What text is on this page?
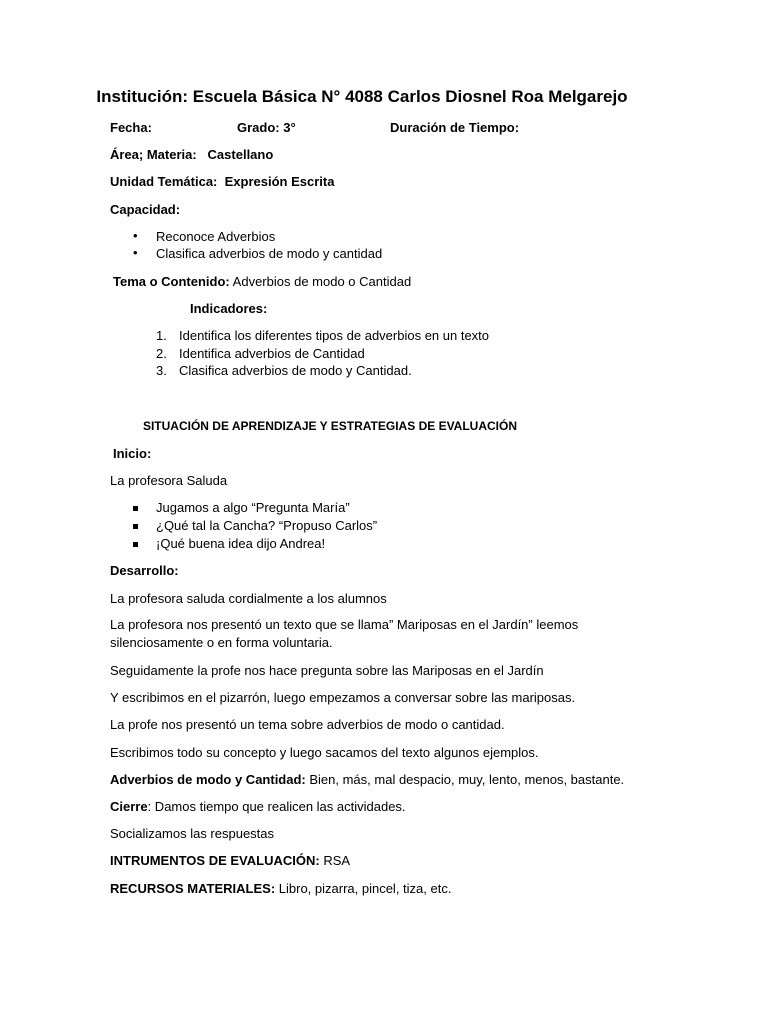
Institución: Escuela Básica N° 4088 Carlos Diosnel Roa Melgarejo
Fecha:	Grado: 3°	Duración de Tiempo:
Área; Materia: Castellano
Unidad Temática: Expresión Escrita
Capacidad:
• Reconoce Adverbios
• Clasifica adverbios de modo y cantidad
Tema o Contenido: Adverbios de modo o Cantidad
Indicadores:
1. Identifica los diferentes tipos de adverbios en un texto
2. Identifica adverbios de Cantidad
3. Clasifica adverbios de modo y Cantidad.
SITUACIÓN DE APRENDIZAJE Y ESTRATEGIAS DE EVALUACIÓN
Inicio:
La profesora Saluda
Jugamos a algo “Pregunta María”
¿Qué tal la Cancha? “Propuso Carlos”
¡Qué buena idea dijo Andrea!
Desarrollo:
La profesora saluda cordialmente a los alumnos
La profesora nos presentó un texto que se llama” Mariposas en el Jardín” leemos
silenciosamente o en forma voluntaria.
Seguidamente la profe nos hace pregunta sobre las Mariposas en el Jardín
Y escribimos en el pizarrón, luego empezamos a conversar sobre las mariposas.
La profe nos presentó un tema sobre adverbios de modo o cantidad.
Escribimos todo su concepto y luego sacamos del texto algunos ejemplos.
Adverbios de modo y Cantidad: Bien, más, mal despacio, muy, lento, menos, bastante.
Cierre: Damos tiempo que realicen las actividades.
Socializamos las respuestas
INTRUMENTOS DE EVALUACIÓN: RSA
RECURSOS MATERIALES: Libro, pizarra, pincel, tiza, etc.
